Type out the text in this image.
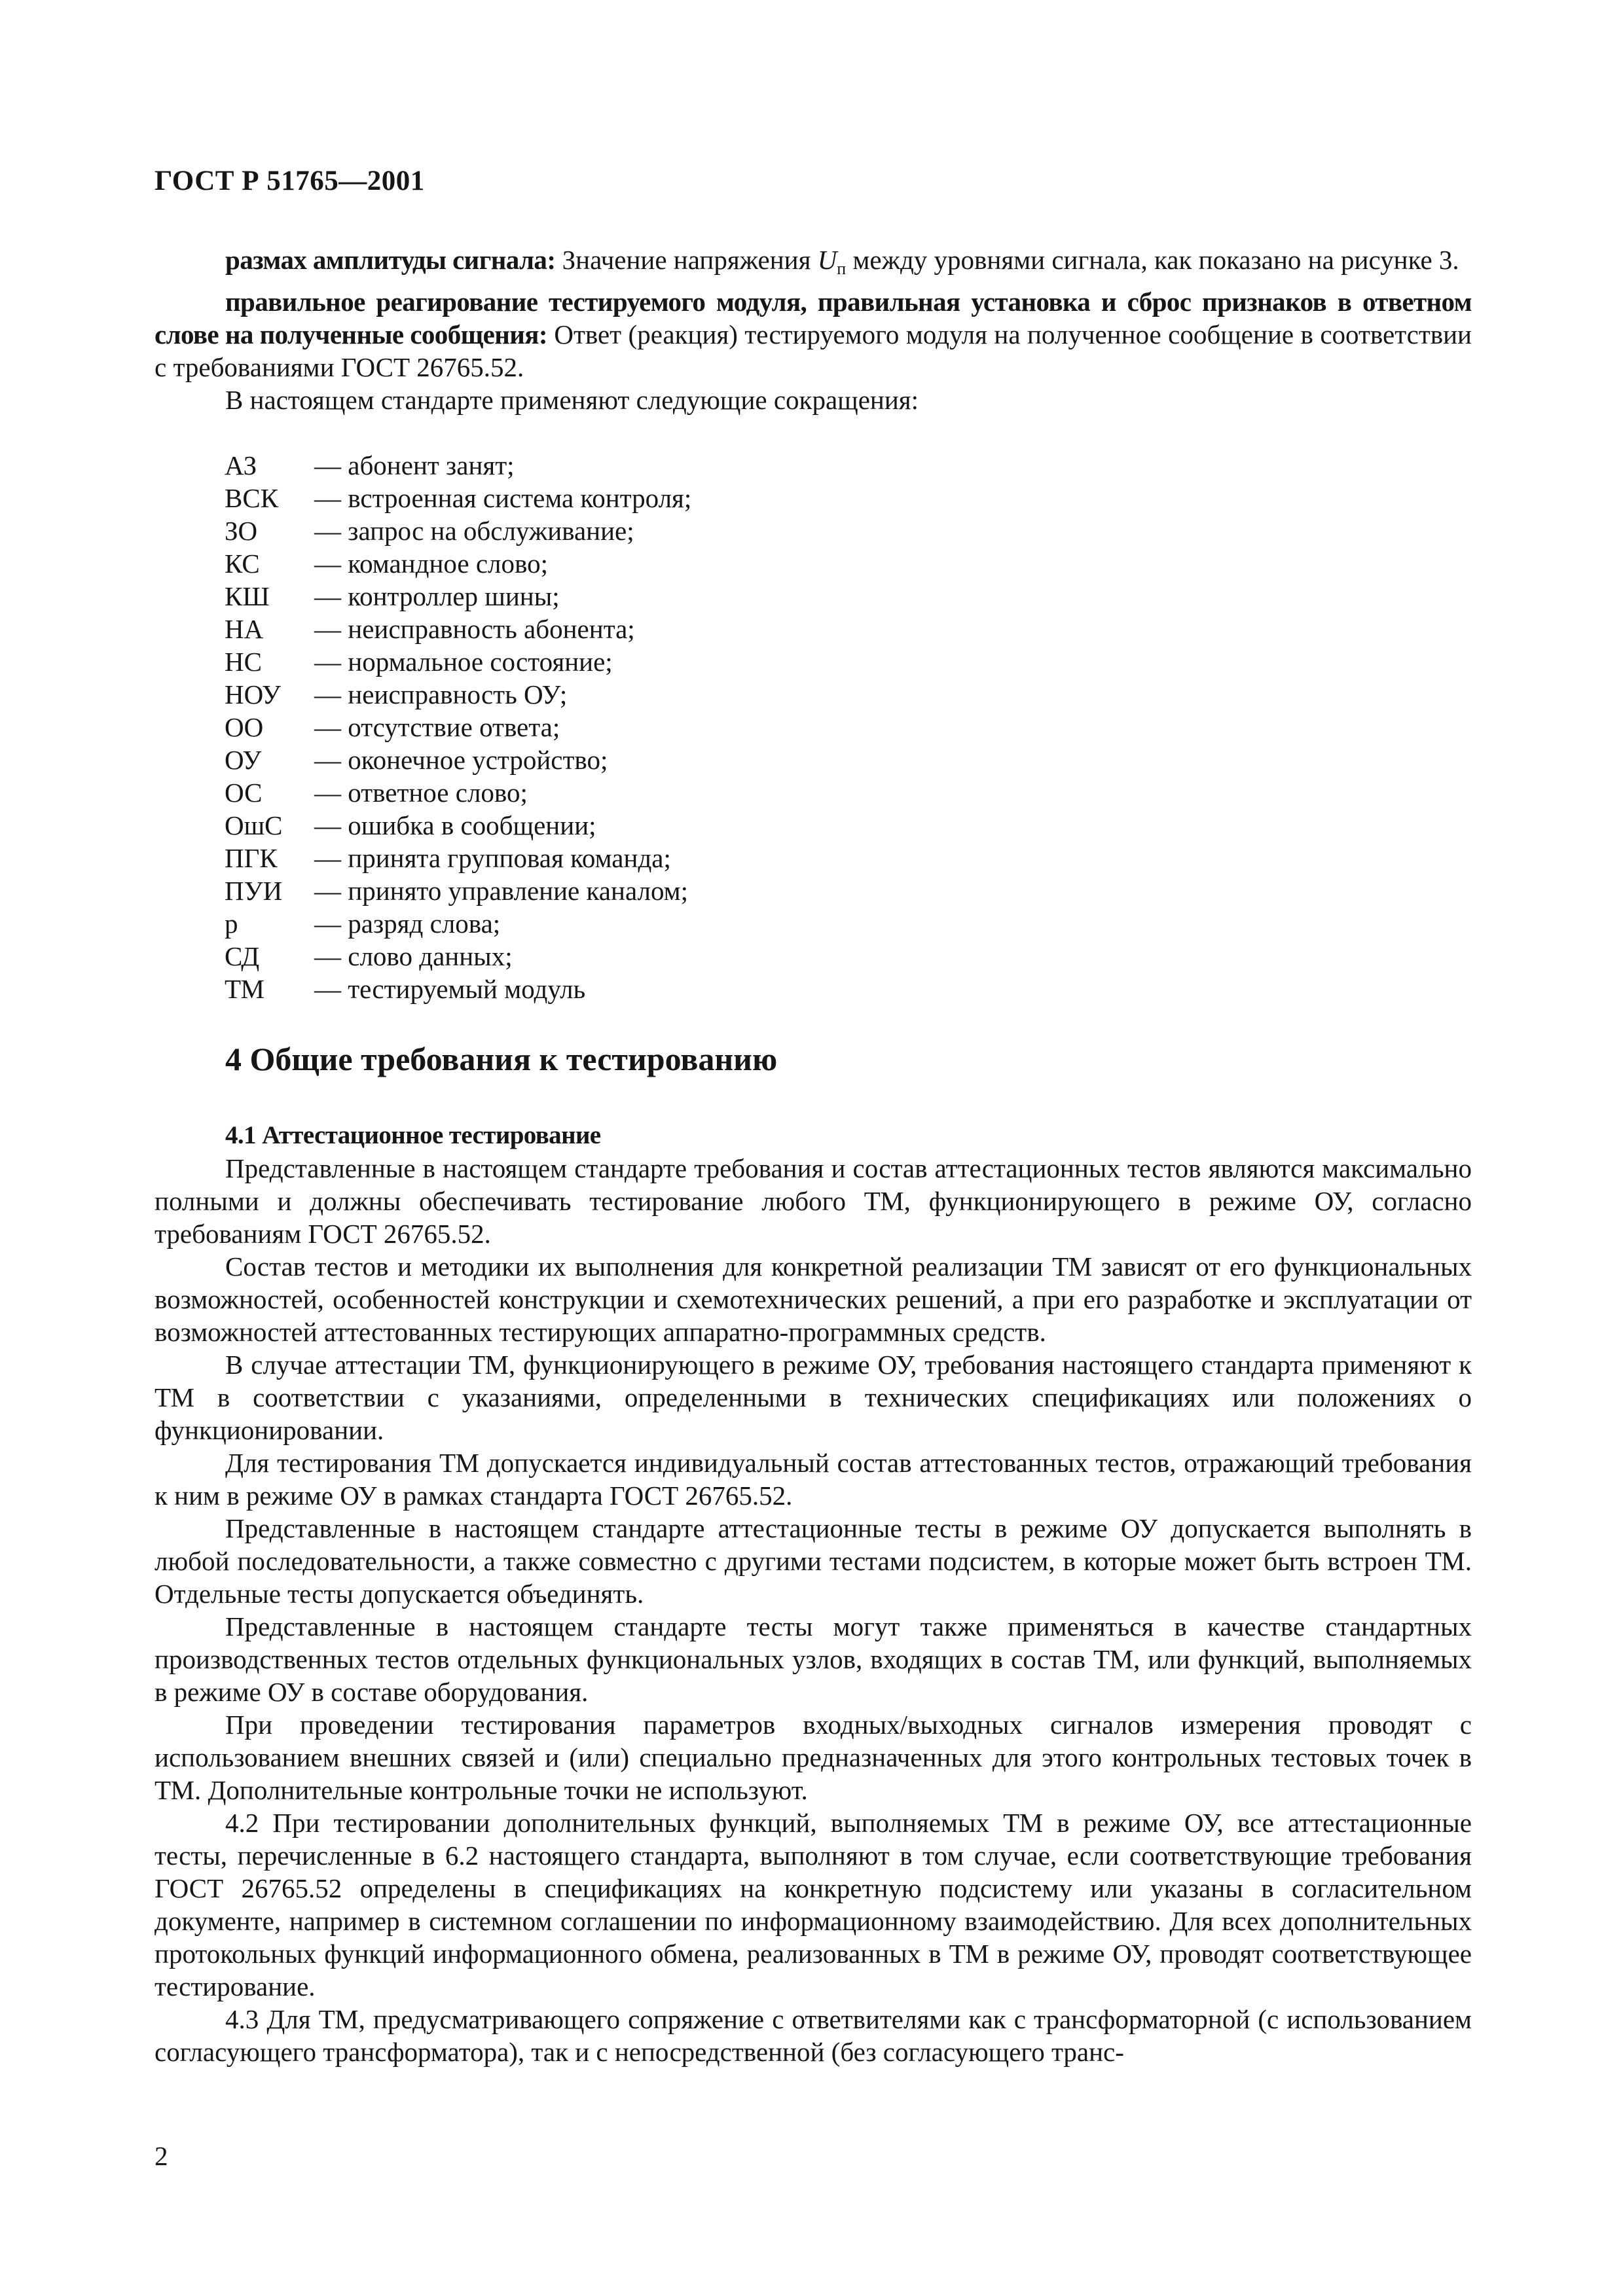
ГОСТ Р 51765—2001

размах амплитуды сигнала: Значение напряжения Uп между уровнями сигнала, как показано на рисунке 3.

правильное реагирование тестируемого модуля, правильная установка и сброс признаков в ответном слове на полученные сообщения: Ответ (реакция) тестируемого модуля на полученное сообщение в соответствии с требованиями ГОСТ 26765.52.

В настоящем стандарте применяют следующие сокращения:

АЗ	— абонент занят;
ВСК	— встроенная система контроля;
ЗО	— запрос на обслуживание;
КС	— командное слово;
КШ	— контроллер шины;
НА	— неисправность абонента;
НС	— нормальное состояние;
НОУ	— неисправность ОУ;
ОО	— отсутствие ответа;
ОУ	— оконечное устройство;
ОС	— ответное слово;
ОшС	— ошибка в сообщении;
ПГК	— принята групповая команда;
ПУИ	— принято управление каналом;
р	— разряд слова;
СД	— слово данных;
ТМ	— тестируемый модуль
4 Общие требования к тестированию
4.1 Аттестационное тестирование

Представленные в настоящем стандарте требования и состав аттестационных тестов являются максимально полными и должны обеспечивать тестирование любого ТМ, функционирующего в режиме ОУ, согласно требованиям ГОСТ 26765.52.

Состав тестов и методики их выполнения для конкретной реализации ТМ зависят от его функциональных возможностей, особенностей конструкции и схемотехнических решений, а при его разработке и эксплуатации от возможностей аттестованных тестирующих аппаратно-программных средств.

В случае аттестации ТМ, функционирующего в режиме ОУ, требования настоящего стандарта применяют к ТМ в соответствии с указаниями, определенными в технических спецификациях или положениях о функционировании.

Для тестирования ТМ допускается индивидуальный состав аттестованных тестов, отражающий требования к ним в режиме ОУ в рамках стандарта ГОСТ 26765.52.

Представленные в настоящем стандарте аттестационные тесты в режиме ОУ допускается выполнять в любой последовательности, а также совместно с другими тестами подсистем, в которые может быть встроен ТМ. Отдельные тесты допускается объединять.

Представленные в настоящем стандарте тесты могут также применяться в качестве стандартных производственных тестов отдельных функциональных узлов, входящих в состав ТМ, или функций, выполняемых в режиме ОУ в составе оборудования.

При проведении тестирования параметров входных/выходных сигналов измерения проводят с использованием внешних связей и (или) специально предназначенных для этого контрольных тестовых точек в ТМ. Дополнительные контрольные точки не используют.

4.2 При тестировании дополнительных функций, выполняемых ТМ в режиме ОУ, все аттестационные тесты, перечисленные в 6.2 настоящего стандарта, выполняют в том случае, если соответствующие требования ГОСТ 26765.52 определены в спецификациях на конкретную подсистему или указаны в согласительном документе, например в системном соглашении по информационному взаимодействию. Для всех дополнительных протокольных функций информационного обмена, реализованных в ТМ в режиме ОУ, проводят соответствующее тестирование.

4.3 Для ТМ, предусматривающего сопряжение с ответвителями как с трансформаторной (с использованием согласующего трансформатора), так и с непосредственной (без согласующего транс-

2
